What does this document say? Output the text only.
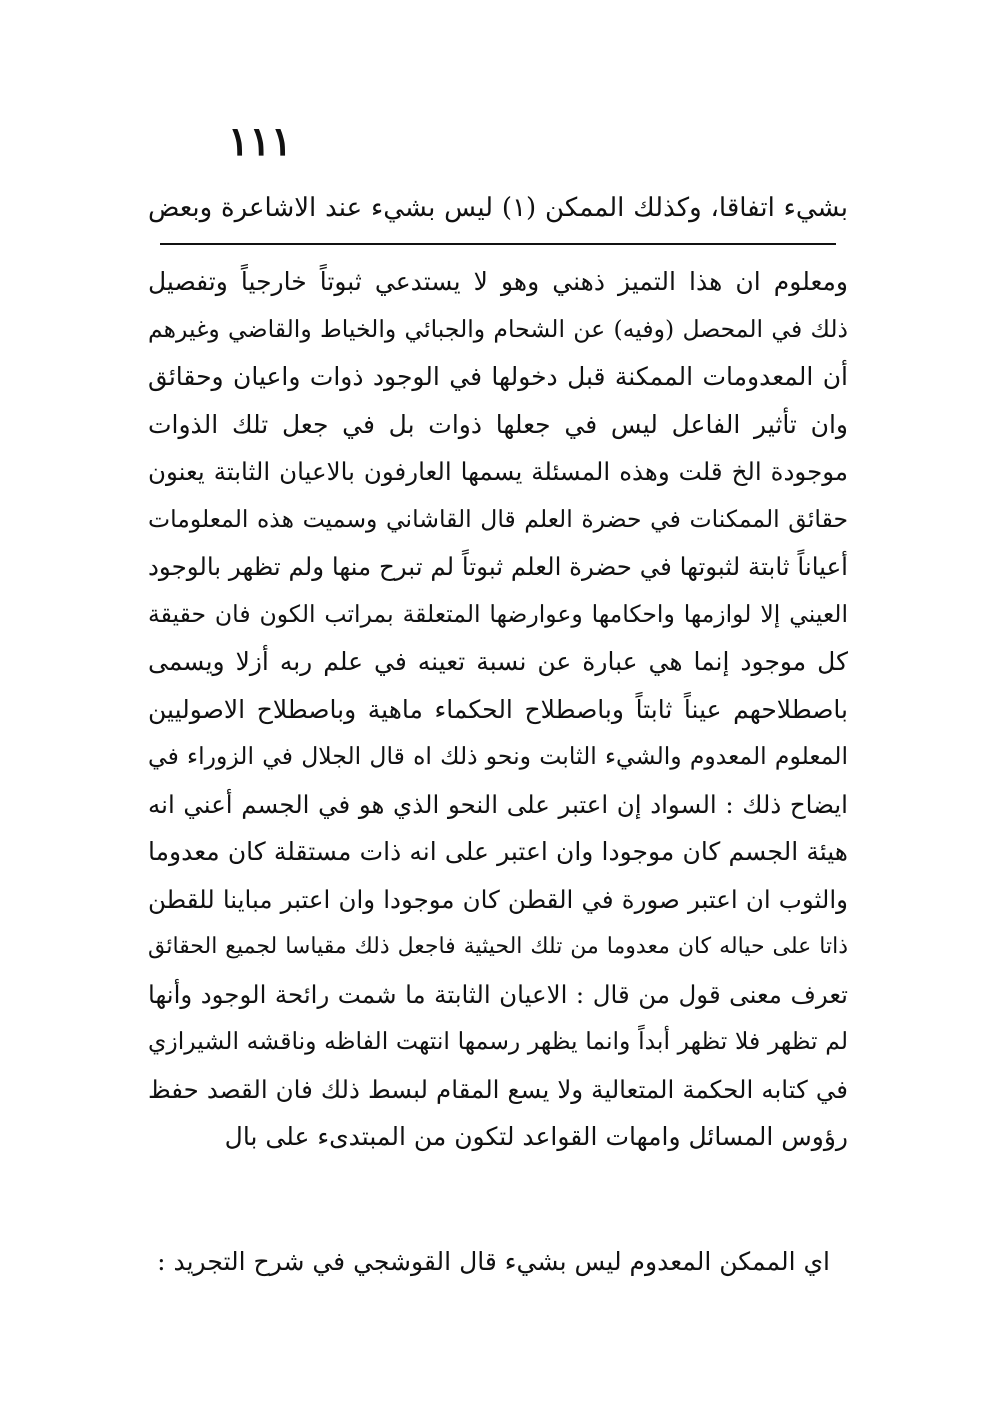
١١١
بشيء اتفاقا، وكذلك الممكن (١) ليس بشيء عند الاشاعرة وبعض
ومعلوم ان هذا التميز ذهني وهو لا يستدعي ثبوتاً خارجياً وتفصيل
ذلك في المحصل (وفيه) عن الشحام والجبائي والخياط والقاضي وغيرهم
أن المعدومات الممكنة قبل دخولها في الوجود ذوات واعيان وحقائق
وان تأثير الفاعل ليس في جعلها ذوات بل في جعل تلك الذوات
موجودة الخ قلت وهذه المسئلة يسمها العارفون بالاعيان الثابتة يعنون
حقائق الممكنات في حضرة العلم قال القاشاني وسميت هذه المعلومات
أعياناً ثابتة لثبوتها في حضرة العلم ثبوتاً لم تبرح منها ولم تظهر بالوجود
العيني إلا لوازمها واحكامها وعوارضها المتعلقة بمراتب الكون فان حقيقة
كل موجود إنما هي عبارة عن نسبة تعينه في علم ربه أزلا ويسمى
باصطلاحهم عيناً ثابتاً وباصطلاح الحكماء ماهية وباصطلاح الاصوليين
المعلوم المعدوم والشيء الثابت ونحو ذلك اه قال الجلال في الزوراء في
ايضاح ذلك : السواد إن اعتبر على النحو الذي هو في الجسم أعني انه
هيئة الجسم كان موجودا وان اعتبر على انه ذات مستقلة كان معدوما
والثوب ان اعتبر صورة في القطن كان موجودا وان اعتبر مباينا للقطن
ذاتا على حياله كان معدوما من تلك الحيثية فاجعل ذلك مقياسا لجميع الحقائق
تعرف معنى قول من قال : الاعيان الثابتة ما شمت رائحة الوجود وأنها
لم تظهر فلا تظهر أبداً وانما يظهر رسمها انتهت الفاظه وناقشه الشيرازي
في كتابه الحكمة المتعالية ولا يسع المقام لبسط ذلك فان القصد حفظ
رؤوس المسائل وامهات القواعد لتكون من المبتدىء على بال
اي الممكن المعدوم ليس بشيء قال القوشجي في شرح التجريد :
